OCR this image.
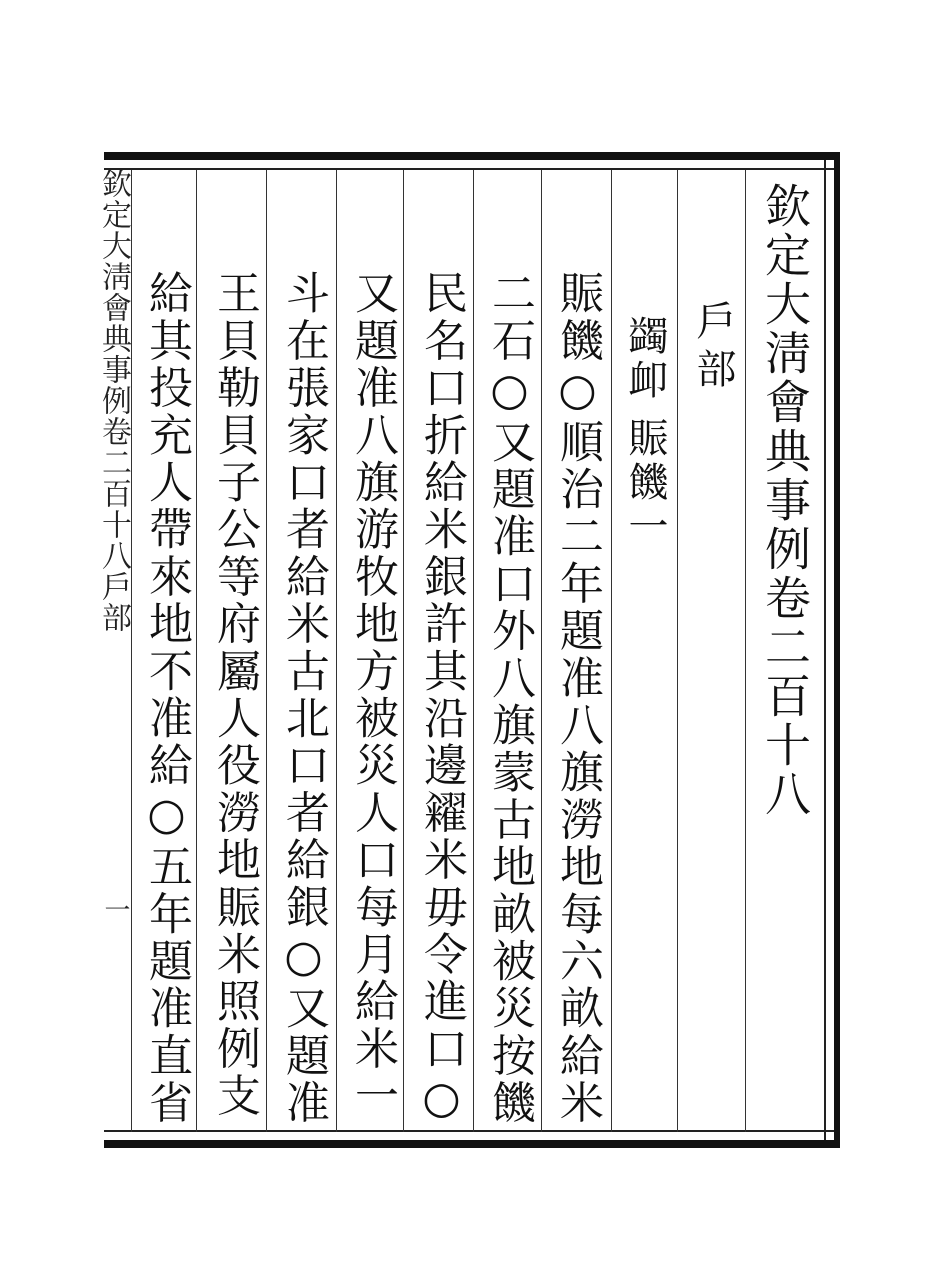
欽定大淸會典事例卷二百十八
戶部
蠲卹賑饑一
賑饑○順治二年題准八旗澇地每六畝給米
二石○又題准口外八旗蒙古地畝被災按饑
民名口折給米銀許其沿邊糴米毋令進口○
又題准八旗游牧地方被災人口每月給米一
斗在張家口者給米古北口者給銀○又題准
王貝勒貝子公等府屬人役澇地賑米照例支
給其投充人帶來地不准給○五年題准直省
欽定大淸會典事例卷二百十八戶部
一
